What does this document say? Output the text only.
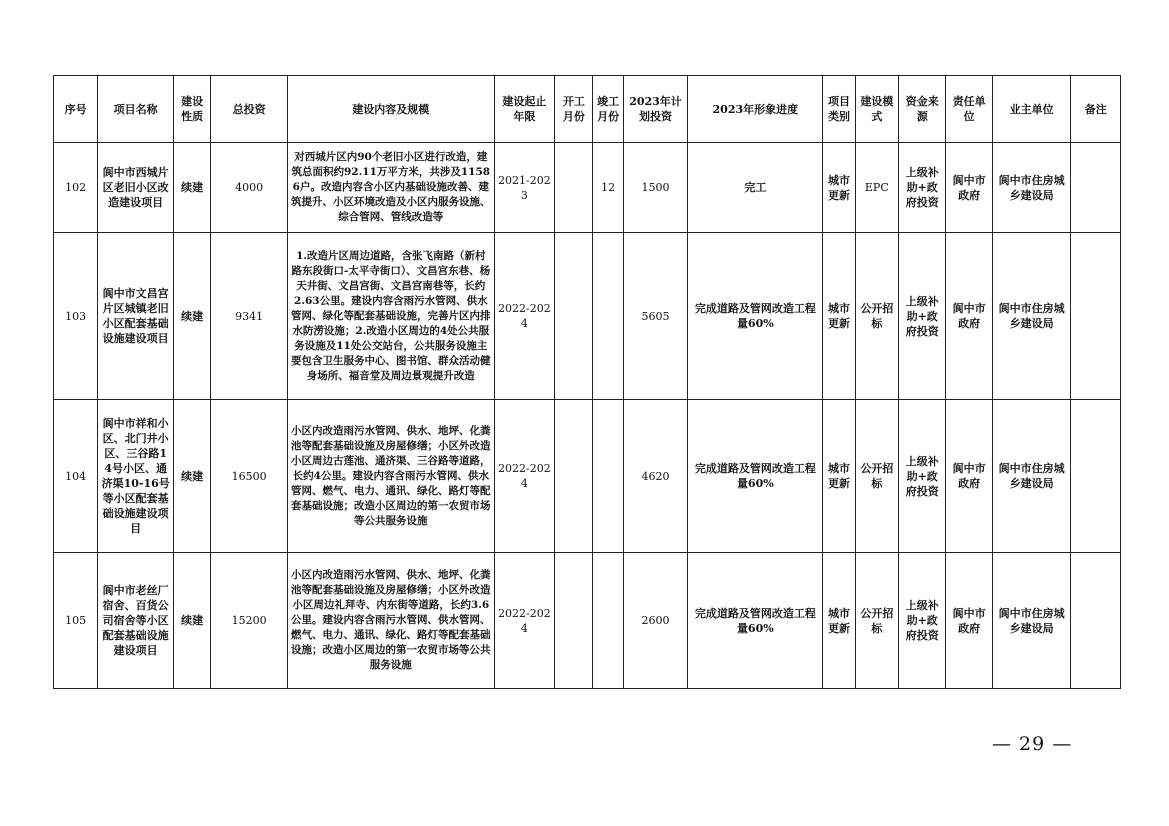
序号	项目名称	建设性质	总投资	建设内容及规模	建设起止年限	开工月份	竣工月份	2023年计划投资	2023年形象进度	项目类别	建设模式	资金来源	责任单位	业主单位	备注
102	阆中市西城片区老旧小区改造建设项目	续建	4000	对西城片区内90个老旧小区进行改造，建筑总面积约92.11万平方米，共涉及11586户。改造内容含小区内基础设施改善、建筑提升、小区环境改造及小区内服务设施、综合管网、管线改造等	2021-2023		12	1500	完工	城市更新	EPC	上级补助+政府投资	阆中市政府	阆中市住房城乡建设局	
103	阆中市文昌宫片区城镇老旧小区配套基础设施建设项目	续建	9341	1.改造片区周边道路，含张飞南路（新村路东段街口-太平寺街口）、文昌宫东巷、杨天井街、文昌宫街、文昌宫南巷等，长约2.63公里。建设内容含雨污水管网、供水管网、绿化等配套基础设施，完善片区内排水防涝设施；2.改造小区周边的4处公共服务设施及11处公交站台，公共服务设施主要包含卫生服务中心、图书馆、群众活动健身场所、福音堂及周边景观提升改造	2022-2024			5605	完成道路及管网改造工程量60%	城市更新	公开招标	上级补助+政府投资	阆中市政府	阆中市住房城乡建设局	
104	阆中市祥和小区、北门井小区、三谷路14号小区、通济渠10-16号等小区配套基础设施建设项目	续建	16500	小区内改造雨污水管网、供水、地坪、化粪池等配套基础设施及房屋修缮；小区外改造小区周边古莲池、通济渠、三谷路等道路，长约4公里。建设内容含雨污水管网、供水管网、燃气、电力、通讯、绿化、路灯等配套基础设施；改造小区周边的第一农贸市场等公共服务设施	2022-2024			4620	完成道路及管网改造工程量60%	城市更新	公开招标	上级补助+政府投资	阆中市政府	阆中市住房城乡建设局	
105	阆中市老丝厂宿舍、百货公司宿舍等小区配套基础设施建设项目	续建	15200	小区内改造雨污水管网、供水、地坪、化粪池等配套基础设施及房屋修缮；小区外改造小区周边礼拜寺、内东街等道路，长约3.6公里。建设内容含雨污水管网、供水管网、燃气、电力、通讯、绿化、路灯等配套基础设施；改造小区周边的第一农贸市场等公共服务设施	2022-2024			2600	完成道路及管网改造工程量60%	城市更新	公开招标	上级补助+政府投资	阆中市政府	阆中市住房城乡建设局	
— 29 —
